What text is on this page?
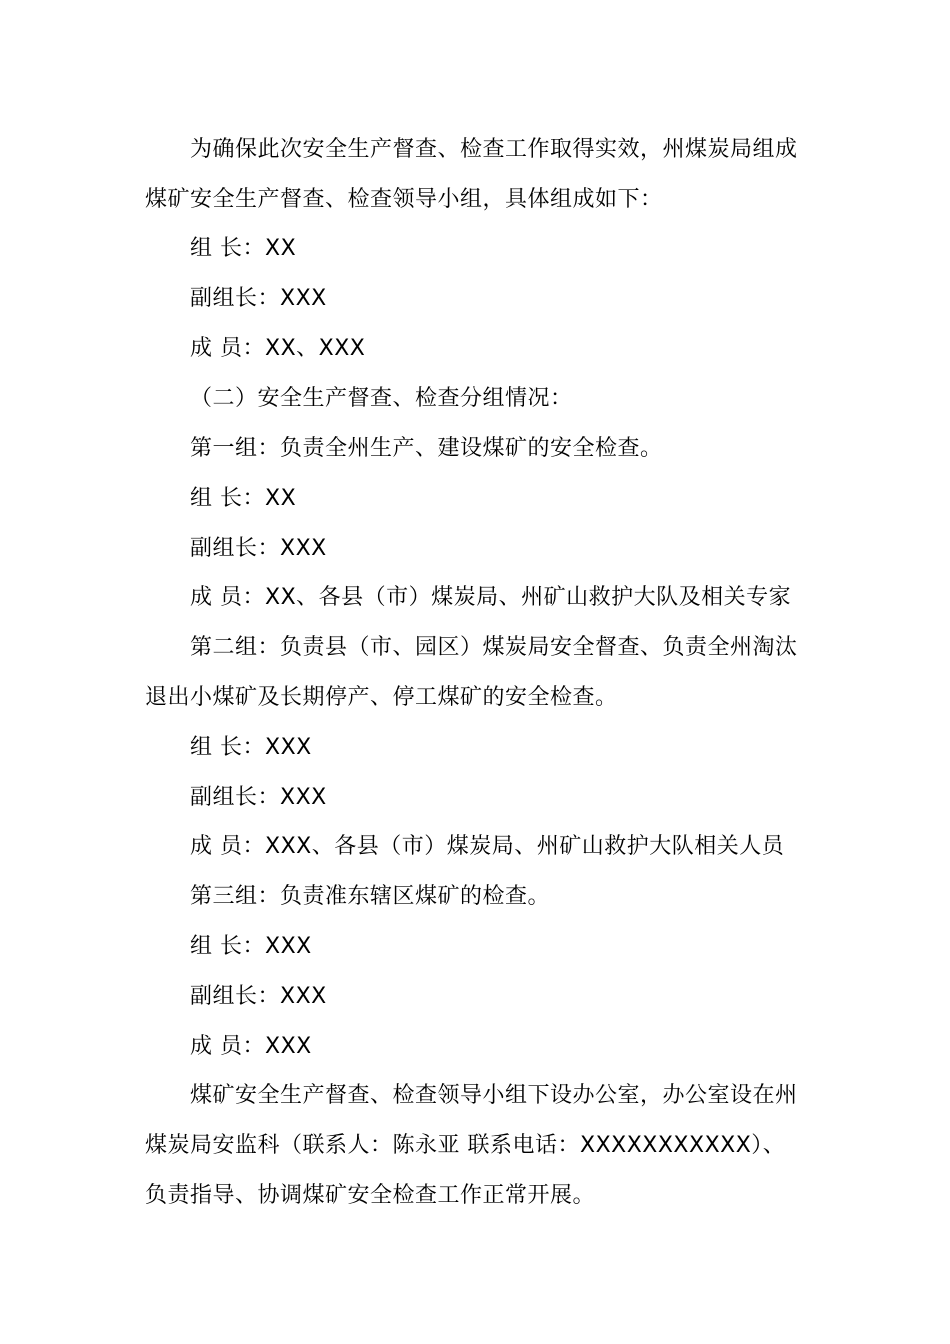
为确保此次安全生产督查、检查工作取得实效，州煤炭局组成
煤矿安全生产督查、检查领导小组，具体组成如下：
组 长：XX
副组长：XXX
成 员：XX、XXX
（二）安全生产督查、检查分组情况：
第一组：负责全州生产、建设煤矿的安全检查。
组 长：XX
副组长：XXX
成 员：XX、各县（市）煤炭局、州矿山救护大队及相关专家
第二组：负责县（市、园区）煤炭局安全督查、负责全州淘汰
退出小煤矿及长期停产、停工煤矿的安全检查。
组 长：XXX
副组长：XXX
成 员：XXX、各县（市）煤炭局、州矿山救护大队相关人员
第三组：负责准东辖区煤矿的检查。
组 长：XXX
副组长：XXX
成 员：XXX
煤矿安全生产督查、检查领导小组下设办公室，办公室设在州
煤炭局安监科（联系人：陈永亚 联系电话：XXXXXXXXXXX）、
负责指导、协调煤矿安全检查工作正常开展。
